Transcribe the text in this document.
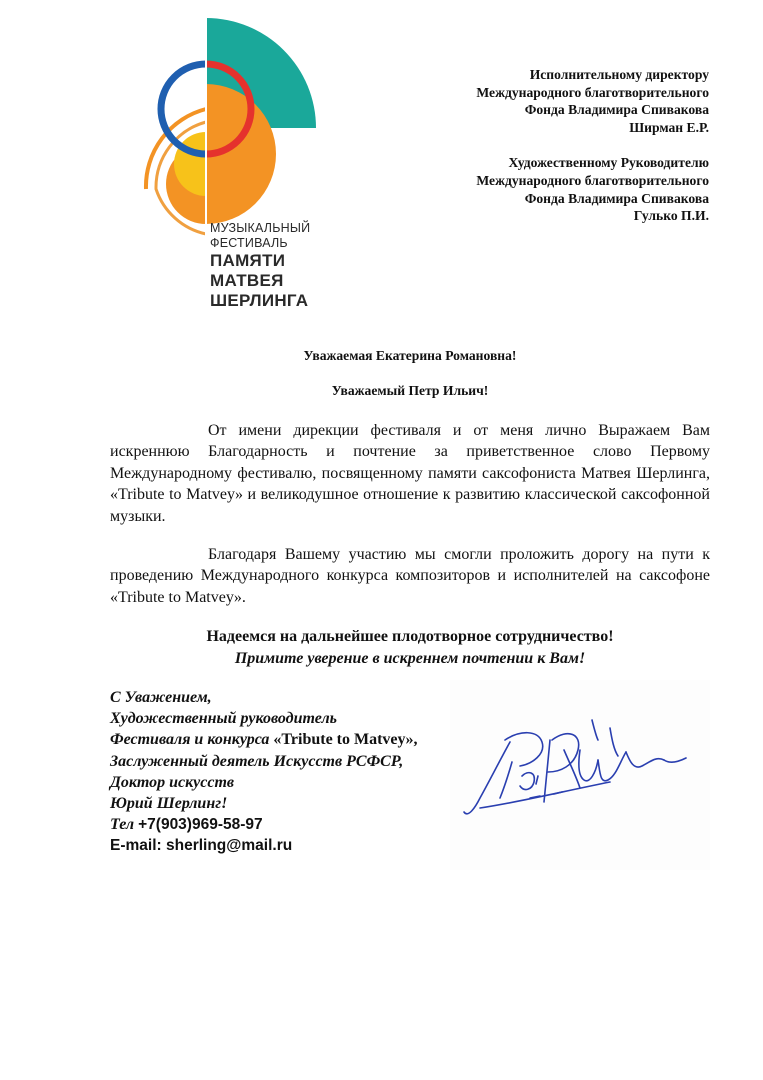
МУЗЫКАЛЬНЫЙ
ФЕСТИВАЛЬ
ПАМЯТИ
МАТВЕЯ
ШЕРЛИНГА
Исполнительному директору
Международного благотворительного
Фонда Владимира Спивакова
Ширман Е.Р.
Художественному Руководителю
Международного благотворительного
Фонда Владимира Спивакова
Гулько П.И.
Уважаемая Екатерина Романовна!
Уважаемый Петр Ильич!

От имени дирекции фестиваля и от меня лично Выражаем Вам искреннюю Благодарность и почтение за приветственное слово Первому Международному фестивалю, посвященному памяти саксофониста Матвея Шерлинга, «Tribute to Matvey» и великодушное отношение к развитию классической саксофонной музыки.

Благодаря Вашему участию мы смогли проложить дорогу на пути к проведению Международного конкурса композиторов и исполнителей на саксофоне «Tribute to Matvey».

Надеемся на дальнейшее плодотворное сотрудничество!
Примите уверение в искреннем почтении к Вам!
С Уважением,
Художественный руководитель
Фестиваля и конкурса «Tribute to Matvey»,
Заслуженный деятель Искусств РСФСР,
Доктор искусств
Юрий Шерлинг!
Тел +7(903)969-58-97
E-mail: sherling@mail.ru
